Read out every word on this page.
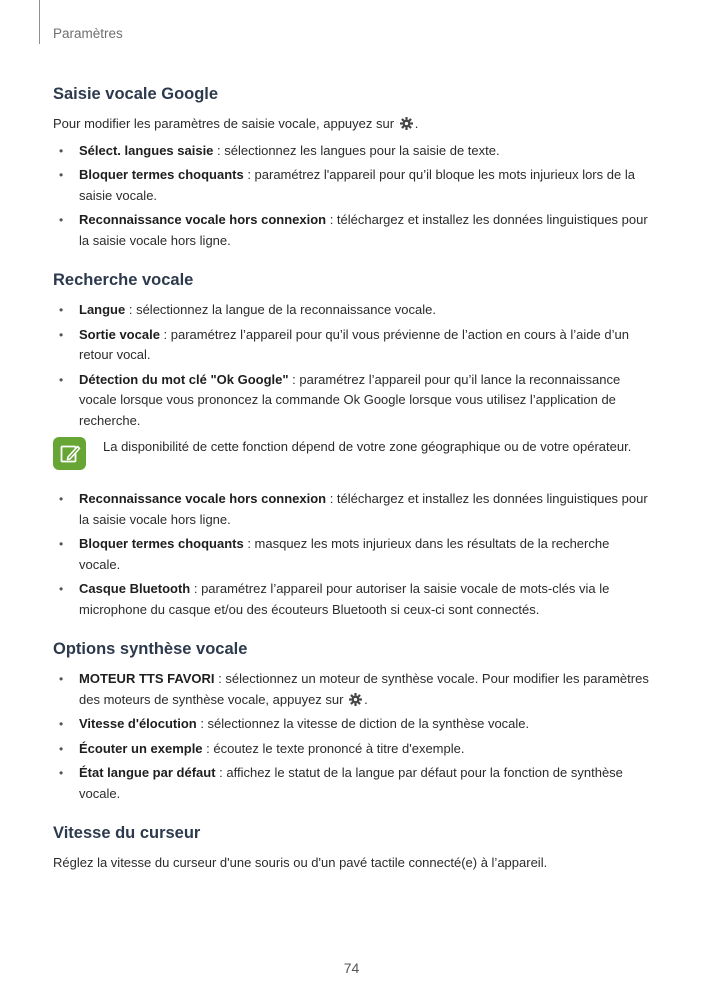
Paramètres
Saisie vocale Google

Pour modifier les paramètres de saisie vocale, appuyez sur .

• Sélect. langues saisie : sélectionnez les langues pour la saisie de texte.
• Bloquer termes choquants : paramétrez l'appareil pour qu’il bloque les mots injurieux lors de la saisie vocale.
• Reconnaissance vocale hors connexion : téléchargez et installez les données linguistiques pour la saisie vocale hors ligne.
Recherche vocale
• Langue : sélectionnez la langue de la reconnaissance vocale.
• Sortie vocale : paramétrez l’appareil pour qu’il vous prévienne de l’action en cours à l’aide d’un retour vocal.
• Détection du mot clé "Ok Google" : paramétrez l’appareil pour qu’il lance la reconnaissance vocale lorsque vous prononcez la commande Ok Google lorsque vous utilisez l’application de recherche.
La disponibilité de cette fonction dépend de votre zone géographique ou de votre opérateur.
• Reconnaissance vocale hors connexion : téléchargez et installez les données linguistiques pour la saisie vocale hors ligne.
• Bloquer termes choquants : masquez les mots injurieux dans les résultats de la recherche vocale.
• Casque Bluetooth : paramétrez l’appareil pour autoriser la saisie vocale de mots-clés via le microphone du casque et/ou des écouteurs Bluetooth si ceux-ci sont connectés.
Options synthèse vocale
• MOTEUR TTS FAVORI : sélectionnez un moteur de synthèse vocale. Pour modifier les paramètres des moteurs de synthèse vocale, appuyez sur .
• Vitesse d'élocution : sélectionnez la vitesse de diction de la synthèse vocale.
• Écouter un exemple : écoutez le texte prononcé à titre d'exemple.
• État langue par défaut : affichez le statut de la langue par défaut pour la fonction de synthèse vocale.
Vitesse du curseur

Réglez la vitesse du curseur d'une souris ou d'un pavé tactile connecté(e) à l’appareil.

74
